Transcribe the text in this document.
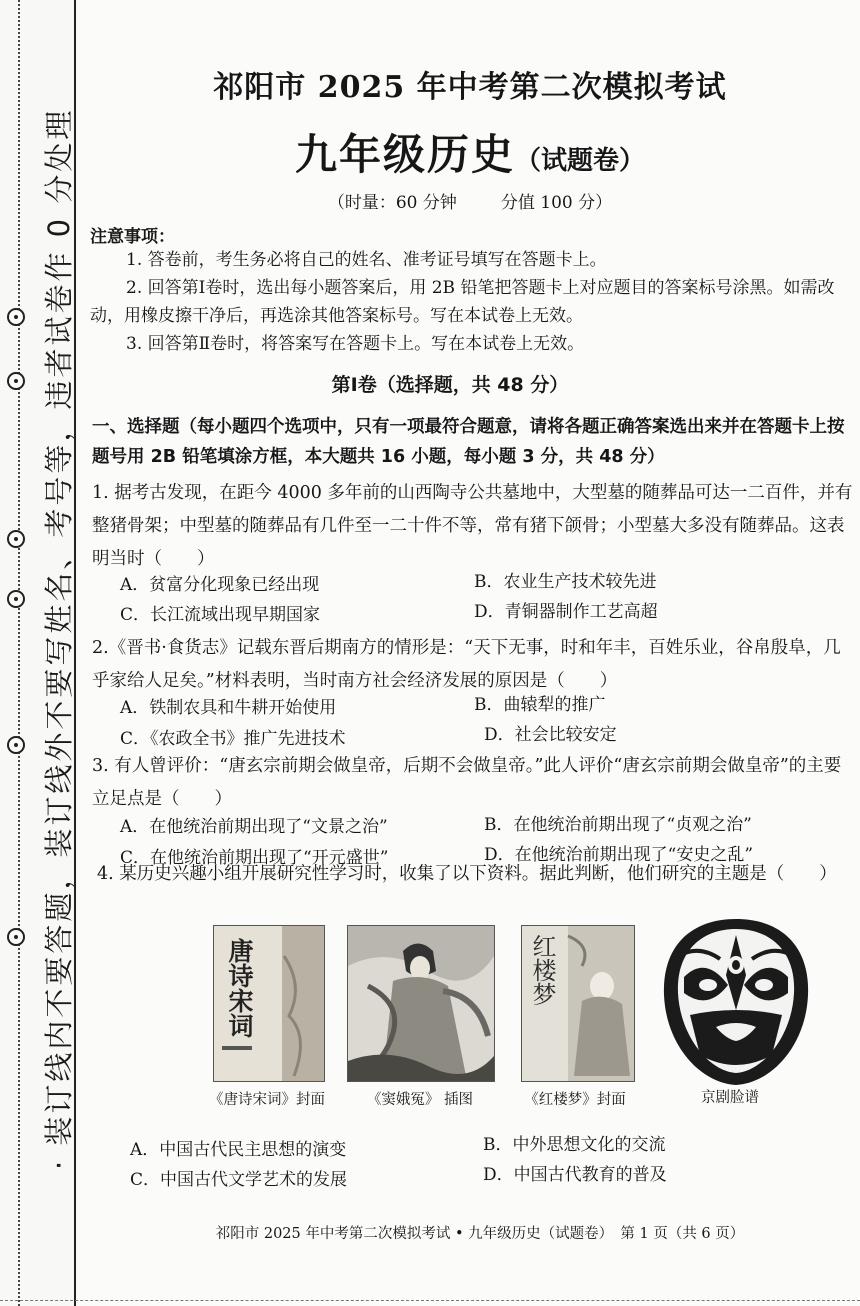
· 装订线内不要答题，装订线外不要写姓名、考号等，违者试卷作 0 分处理
祁阳市 2025 年中考第二次模拟考试
九年级历史（试题卷）
（时量：60 分钟	分值 100 分）
注意事项：
1. 答卷前，考生务必将自己的姓名、准考证号填写在答题卡上。
2. 回答第Ⅰ卷时，选出每小题答案后，用 2B 铅笔把答题卡上对应题目的答案标号涂黑。如需改动，用橡皮擦干净后，再选涂其他答案标号。写在本试卷上无效。
3. 回答第Ⅱ卷时，将答案写在答题卡上。写在本试卷上无效。
第Ⅰ卷（选择题，共 48 分）
一、选择题（每小题四个选项中，只有一项最符合题意，请将各题正确答案选出来并在答题卡上按题号用 2B 铅笔填涂方框，本大题共 16 小题，每小题 3 分，共 48 分）
1. 据考古发现，在距今 4000 多年前的山西陶寺公共墓地中，大型墓的随葬品可达一二百件，并有整猪骨架；中型墓的随葬品有几件至一二十件不等，常有猪下颌骨；小型墓大多没有随葬品。这表明当时（　　）
A．贫富分化现象已经出现	B．农业生产技术较先进
C．长江流域出现早期国家	D．青铜器制作工艺高超
2.《晋书·食货志》记载东晋后期南方的情形是：“天下无事，时和年丰，百姓乐业，谷帛殷阜，几乎家给人足矣。”材料表明，当时南方社会经济发展的原因是（　　）
A．铁制农具和牛耕开始使用	B．曲辕犁的推广
C．《农政全书》推广先进技术	D．社会比较安定
3. 有人曾评价：“唐玄宗前期会做皇帝，后期不会做皇帝。”此人评价“唐玄宗前期会做皇帝”的主要立足点是（　　）
A．在他统治前期出现了“文景之治”	B．在他统治前期出现了“贞观之治”
C．在他统治前期出现了“开元盛世”	D．在他统治前期出现了“安史之乱”
4. 某历史兴趣小组开展研究性学习时，收集了以下资料。据此判断，他们研究的主题是（　　）
唐诗宋词	红楼梦
《唐诗宋词》封面	《窦娥冤》 插图	《红楼梦》封面	京剧脸谱
A．中国古代民主思想的演变	B．中外思想文化的交流
C．中国古代文学艺术的发展	D．中国古代教育的普及
祁阳市 2025 年中考第二次模拟考试 • 九年级历史（试题卷）　第 1 页（共 6 页）
